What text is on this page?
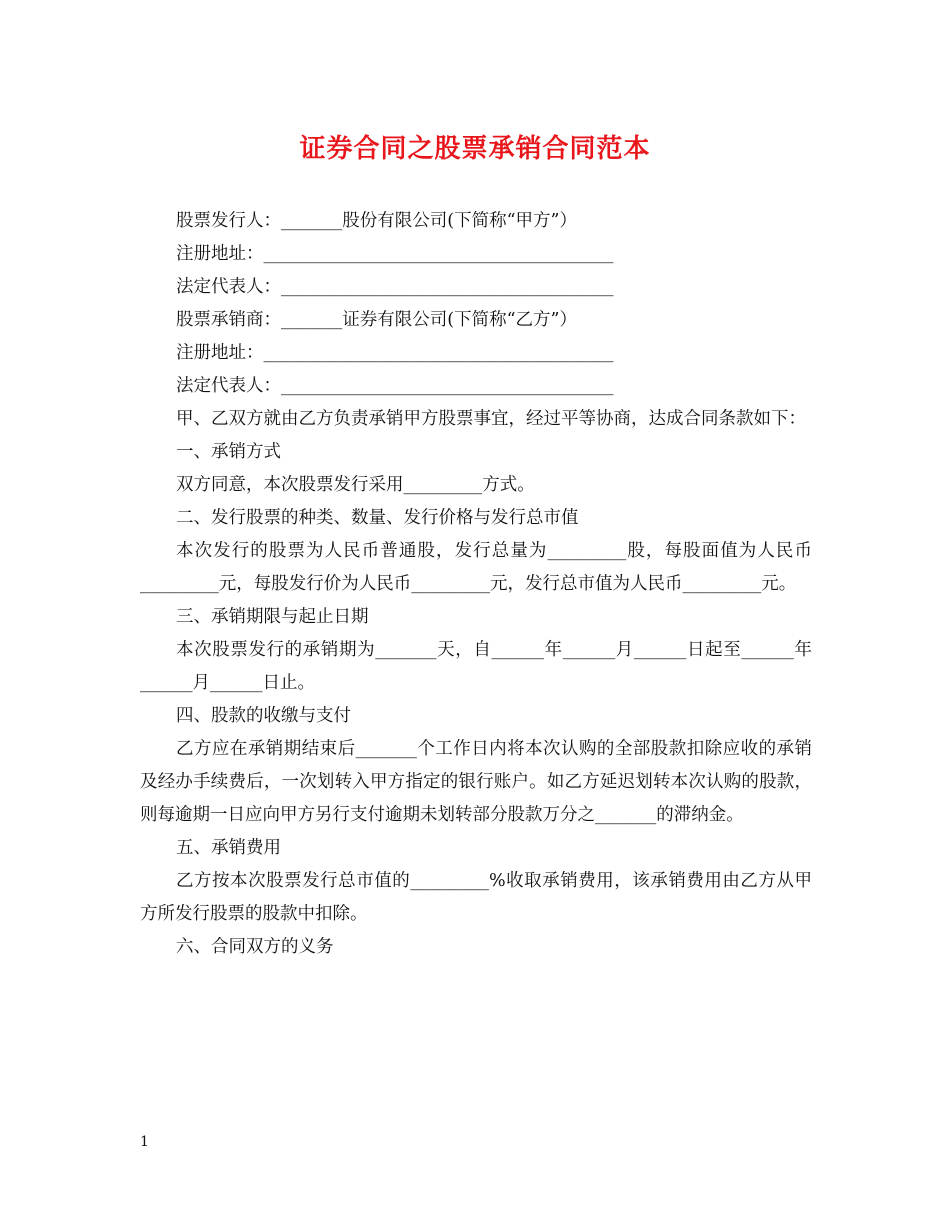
证券合同之股票承销合同范本
股票发行人：_______股份有限公司(下简称“甲方”）
注册地址：________________________________________
法定代表人：______________________________________
股票承销商：_______证券有限公司(下简称“乙方”）
注册地址：________________________________________
法定代表人：______________________________________
甲、乙双方就由乙方负责承销甲方股票事宜，经过平等协商，达成合同条款如下：
一、承销方式
双方同意，本次股票发行采用_________方式。
二、发行股票的种类、数量、发行价格与发行总市值
本次发行的股票为人民币普通股，发行总量为_________股，每股面值为人民币_________元，每股发行价为人民币_________元，发行总市值为人民币_________元。
三、承销期限与起止日期
本次股票发行的承销期为_______天，自______年______月______日起至______年______月______日止。
四、股款的收缴与支付
乙方应在承销期结束后_______个工作日内将本次认购的全部股款扣除应收的承销及经办手续费后，一次划转入甲方指定的银行账户。如乙方延迟划转本次认购的股款，则每逾期一日应向甲方另行支付逾期未划转部分股款万分之_______的滞纳金。
五、承销费用
乙方按本次股票发行总市值的_________%收取承销费用，该承销费用由乙方从甲方所发行股票的股款中扣除。
六、合同双方的义务
1
